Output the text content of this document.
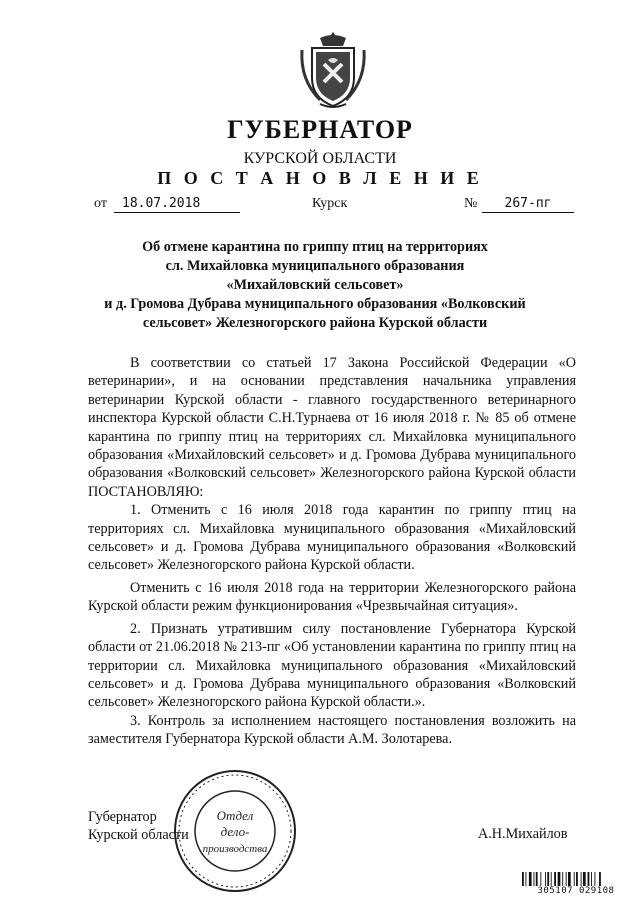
ГУБЕРНАТОР
КУРСКОЙ ОБЛАСТИ
П О С Т А Н О В Л Е Н И Е
от	18.07.2018	Курск	№	267-пг
Об отмене карантина по гриппу птиц на территориях
сл. Михайловка муниципального образования
«Михайловский сельсовет»
и д. Громова Дубрава муниципального образования «Волковский
сельсовет» Железногорского района Курской области

В соответствии со статьей 17 Закона Российской Федерации «О ветеринарии», и на основании представления начальника управления ветеринарии Курской области - главного государственного ветеринарного инспектора Курской области С.Н.Турнаева от 16 июля 2018 г. № 85 об отмене карантина по гриппу птиц на территориях сл. Михайловка муниципального образования «Михайловский сельсовет» и д. Громова Дубрава муниципального образования «Волковский сельсовет» Железногорского района Курской области ПОСТАНОВЛЯЮ:

1. Отменить с 16 июля 2018 года карантин по гриппу птиц на территориях сл. Михайловка муниципального образования «Михайловский сельсовет» и д. Громова Дубрава муниципального образования «Волковский сельсовет» Железногорского района Курской области.

Отменить с 16 июля 2018 года на территории Железногорского района Курской области режим функционирования «Чрезвычайная ситуация».

2. Признать утратившим силу постановление Губернатора Курской области от 21.06.2018 № 213-пг «Об установлении карантина по гриппу птиц на территории сл. Михайловка муниципального образования «Михайловский сельсовет» и д. Громова Дубрава муниципального образования «Волковский сельсовет» Железногорского района Курской области.».

3. Контроль за исполнением настоящего постановления возложить на заместителя Губернатора Курской области А.М. Золотарева.

Губернатор
Курской области
Отдел
дело-
производства
А.Н.Михайлов
305107 029108
